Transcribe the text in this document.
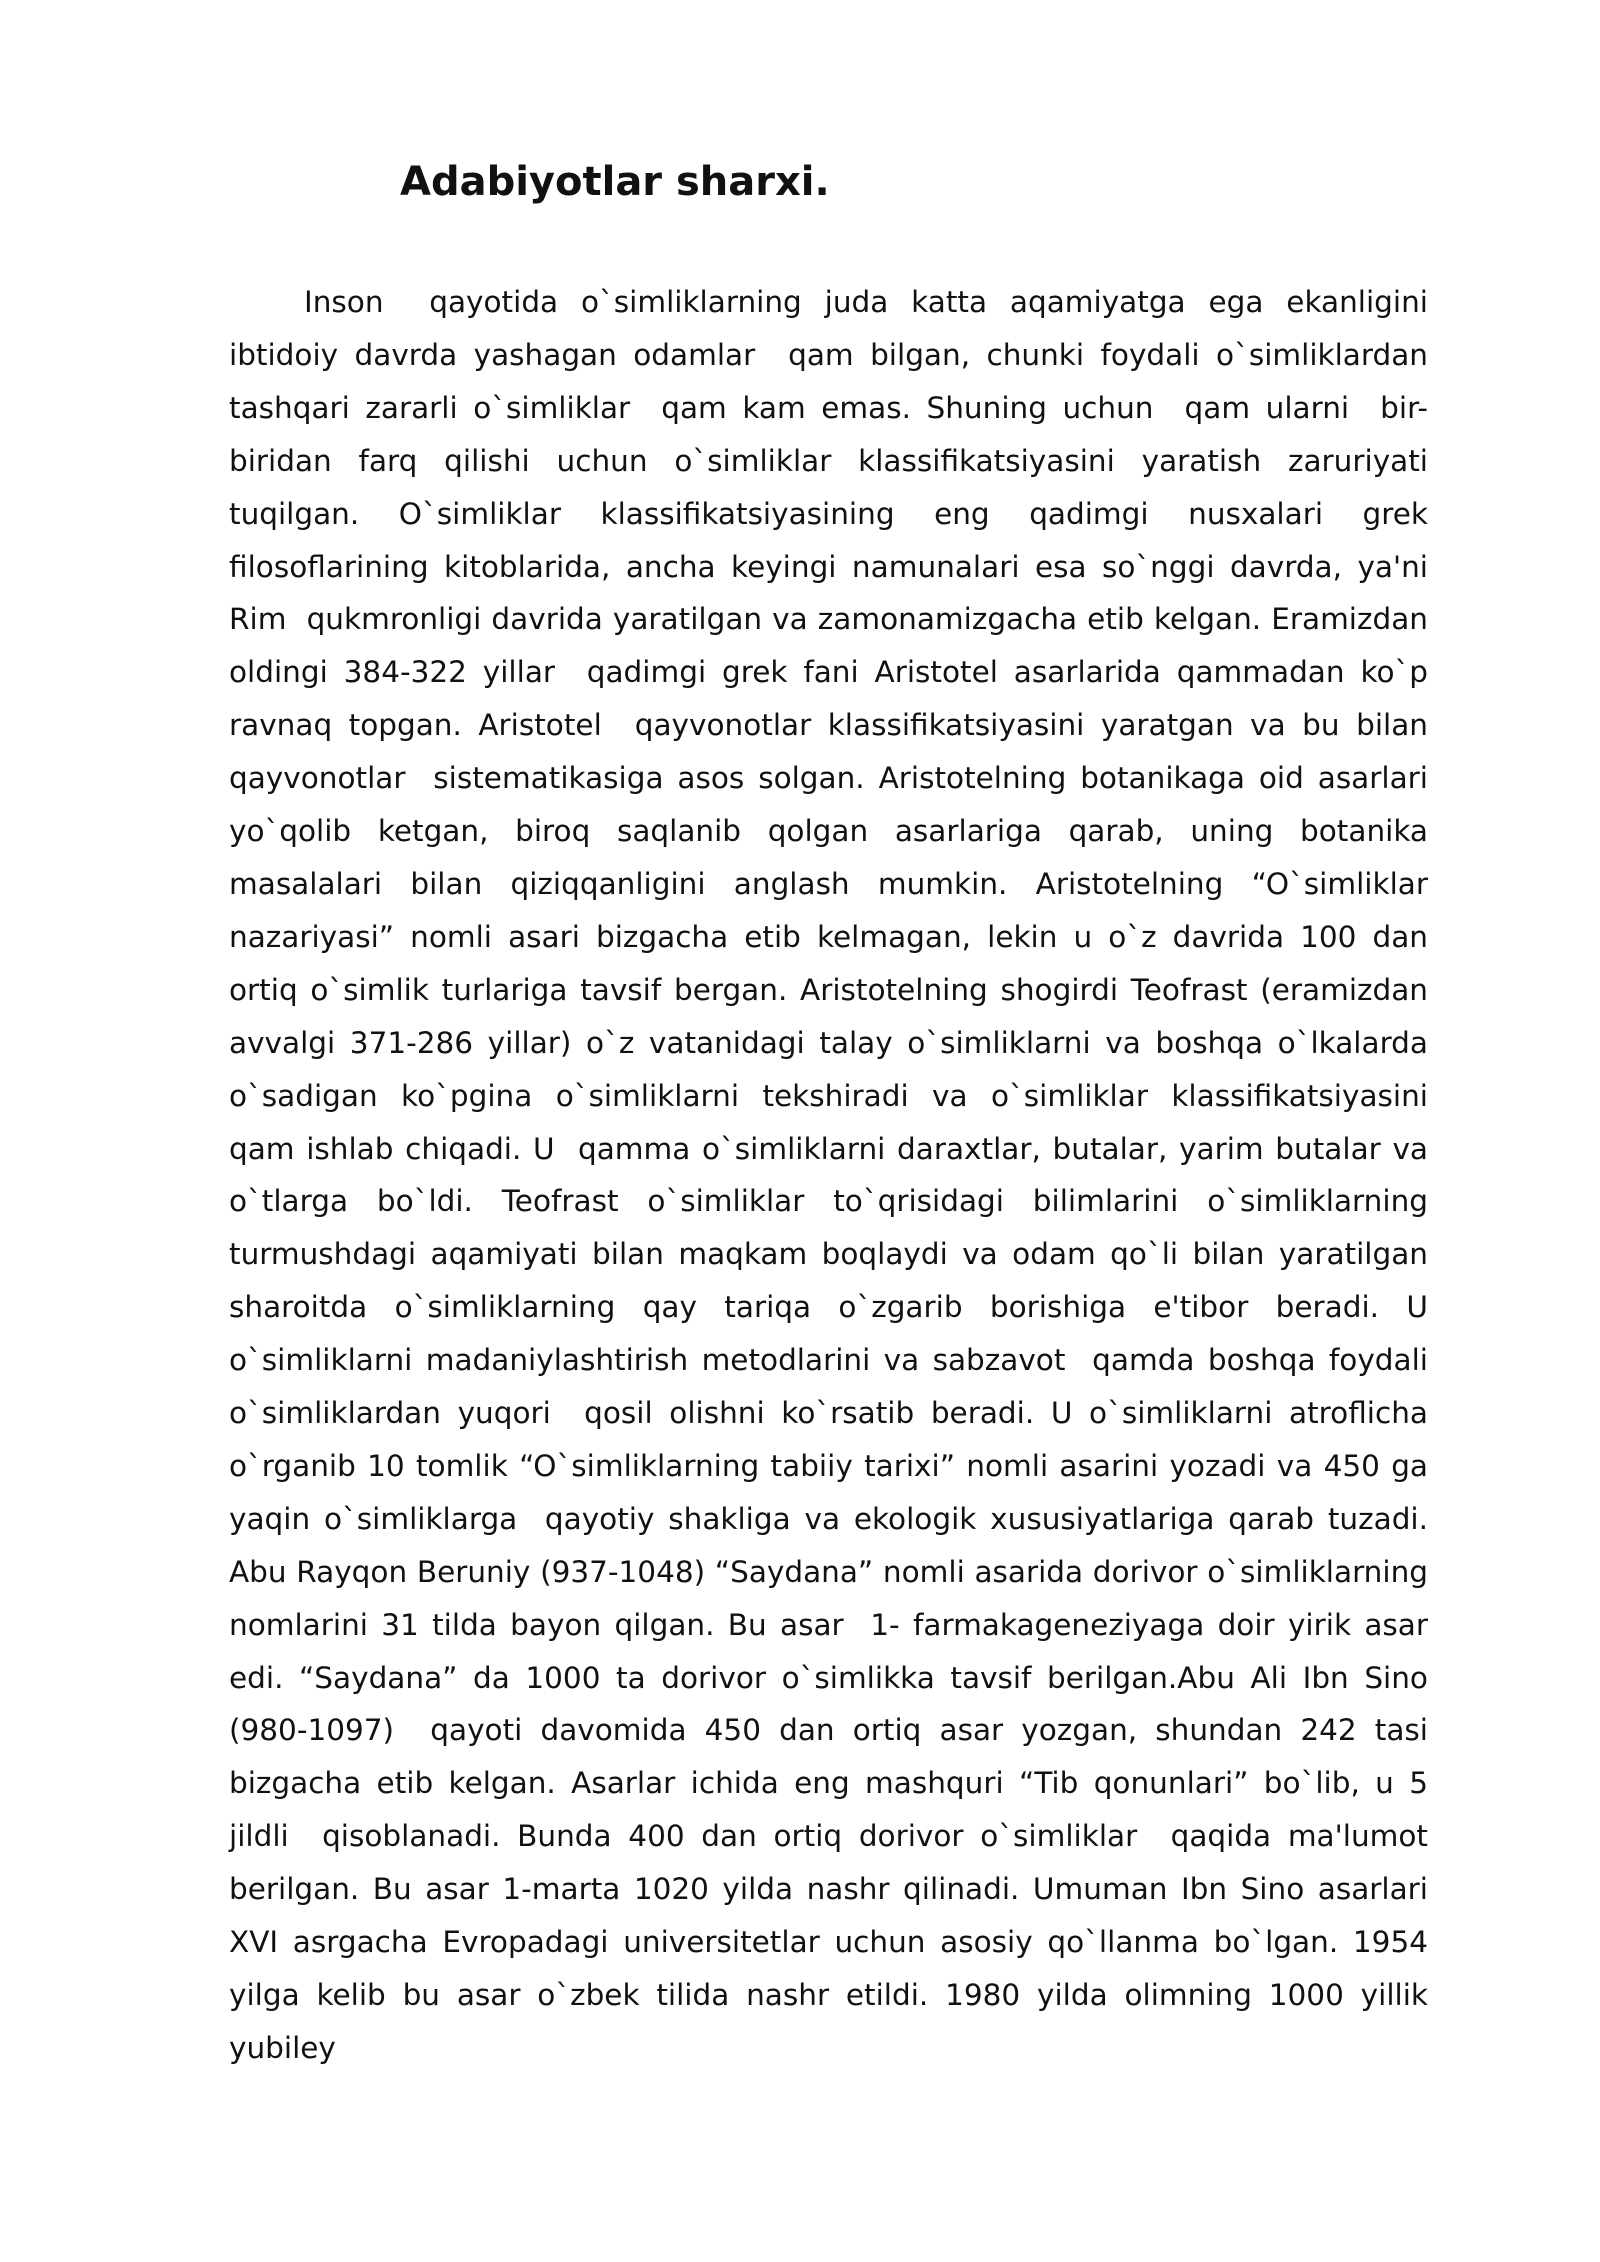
Adabiyotlar sharxi.

Inson  qayotida o`simliklarning juda katta aqamiyatga ega ekanligini ibtidoiy davrda yashagan odamlar  qam bilgan, chunki foydali o`simliklardan tashqari zararli o`simliklar  qam kam emas. Shuning uchun  qam ularni  bir-biridan farq qilishi uchun o`simliklar klassifikatsiyasini yaratish zaruriyati tuqilgan. O`simliklar klassifikatsiyasining eng qadimgi nusxalari grek filosoflarining kitoblarida, ancha keyingi namunalari esa so`nggi davrda, ya'ni Rim  qukmronligi davrida yaratilgan va zamonamizgacha etib kelgan. Eramizdan oldingi 384-322 yillar  qadimgi grek fani Aristotel asarlarida qammadan ko`p ravnaq topgan. Aristotel  qayvonotlar klassifikatsiyasini yaratgan va bu bilan  qayvonotlar  sistematikasiga asos solgan. Aristotelning botanikaga oid asarlari yo`qolib ketgan, biroq saqlanib qolgan asarlariga qarab, uning botanika masalalari bilan qiziqqanligini anglash mumkin. Aristotelning “O`simliklar nazariyasi” nomli asari bizgacha etib kelmagan, lekin u o`z davrida 100 dan ortiq o`simlik turlariga tavsif bergan. Aristotelning shogirdi Teofrast (eramizdan avvalgi 371-286 yillar) o`z vatanidagi talay o`simliklarni va boshqa o`lkalarda o`sadigan ko`pgina o`simliklarni tekshiradi va o`simliklar klassifikatsiyasini  qam ishlab chiqadi. U  qamma o`simliklarni daraxtlar, butalar, yarim butalar va o`tlarga bo`ldi. Teofrast o`simliklar to`qrisidagi bilimlarini o`simliklarning turmushdagi aqamiyati bilan maqkam boqlaydi va odam qo`li bilan yaratilgan sharoitda o`simliklarning qay tariqa o`zgarib borishiga e'tibor beradi. U o`simliklarni madaniylashtirish metodlarini va sabzavot  qamda boshqa foydali o`simliklardan yuqori  qosil olishni ko`rsatib beradi. U o`simliklarni atroflicha o`rganib 10 tomlik “O`simliklarning tabiiy tarixi” nomli asarini yozadi va 450 ga yaqin o`simliklarga  qayotiy shakliga va ekologik xususiyatlariga qarab tuzadi. Abu Rayqon Beruniy (937-1048) “Saydana” nomli asarida dorivor o`simliklarning nomlarini 31 tilda bayon qilgan. Bu asar  1- farmakageneziyaga doir yirik asar edi. “Saydana” da 1000 ta dorivor o`simlikka tavsif berilgan.Abu Ali Ibn Sino (980-1097)  qayoti davomida 450 dan ortiq asar yozgan, shundan 242 tasi bizgacha etib kelgan. Asarlar ichida eng mashquri “Tib qonunlari” bo`lib, u 5 jildli  qisoblanadi. Bunda 400 dan ortiq dorivor o`simliklar  qaqida ma'lumot berilgan. Bu asar 1-marta 1020 yilda nashr qilinadi. Umuman Ibn Sino asarlari XVI asrgacha Evropadagi universitetlar uchun asosiy qo`llanma bo`lgan. 1954 yilga kelib bu asar o`zbek tilida nashr etildi. 1980 yilda olimning 1000 yillik yubiley
